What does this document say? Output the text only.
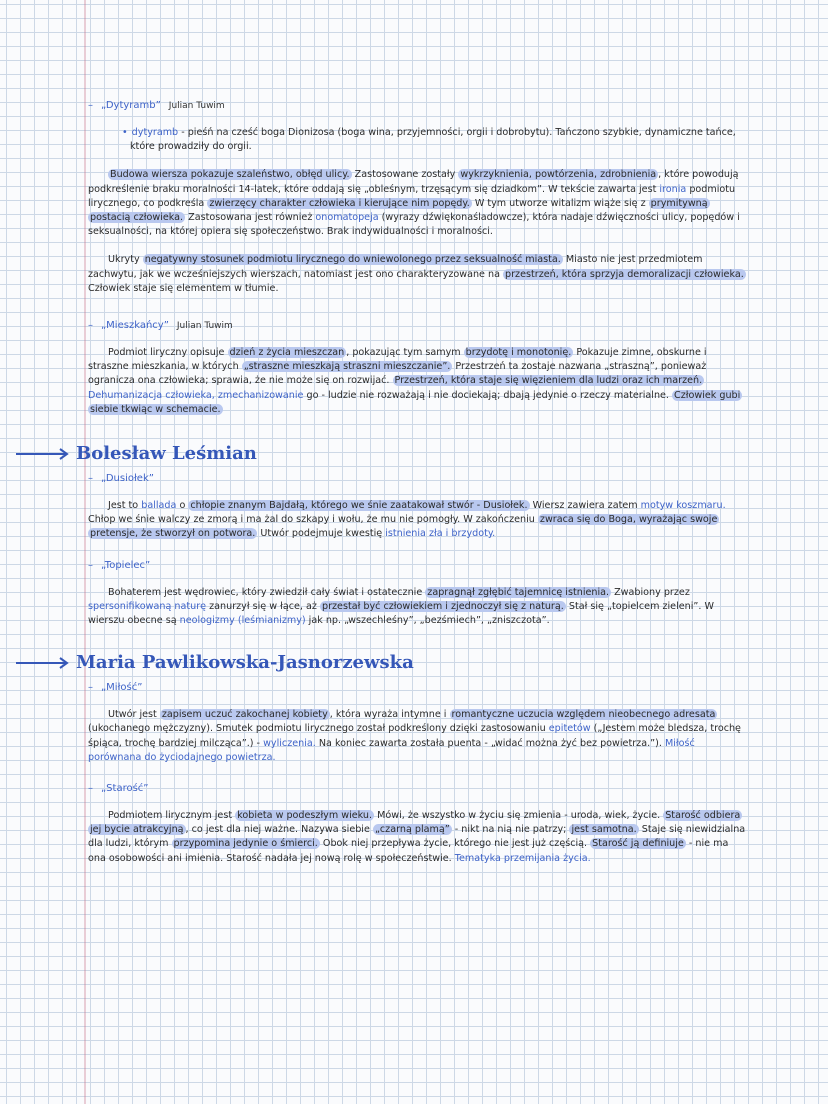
– „Dytyramb” Julian Tuwim

• dytyramb - pieśń na cześć boga Dionizosa (boga wina, przyjemności, orgii i dobrobytu). Tańczono szybkie, dynamiczne tańce, które prowadziły do orgii.

Budowa wiersza pokazuje szaleństwo, obłęd ulicy. Zastosowane zostały wykrzyknienia, powtórzenia, zdrobnienia , które powodują podkreślenie braku moralności 14-latek, które oddają się „obleśnym, trzęsącym się dziadkom”. W tekście zawarta jest ironia podmiotu lirycznego, co podkreśla zwierzęcy charakter człowieka i kierujące nim popędy. W tym utworze witalizm wiąże się z prymitywną postacią człowieka. Zastosowana jest również onomatopeja (wyrazy dźwiękonaśladowcze), która nadaje dźwięczności ulicy, popędów i seksualności, na której opiera się społeczeństwo. Brak indywidualności i moralności.

Ukryty negatywny stosunek podmiotu lirycznego do wniewolonego przez seksualność miasta. Miasto nie jest przedmiotem zachwytu, jak we wcześniejszych wierszach, natomiast jest ono charakteryzowane na przestrzeń, która sprzyja demoralizacji człowieka. Człowiek staje się elementem w tłumie.

– „Mieszkańcy” Julian Tuwim

Podmiot liryczny opisuje dzień z życia mieszczan , pokazując tym samym brzydotę i monotonię. Pokazuje zimne, obskurne i straszne mieszkania, w których „straszne mieszkają straszni mieszczanie”. Przestrzeń ta zostaje nazwana „straszną”, ponieważ ogranicza ona człowieka; sprawia, że nie może się on rozwijać. Przestrzeń, która staje się więzieniem dla ludzi oraz ich marzeń. Dehumanizacja człowieka, zmechanizowanie go - ludzie nie rozważają i nie dociekają; dbają jedynie o rzeczy materialne. Człowiek gubi siebie tkwiąc w schemacie.

Bolesław Leśmian
– „Dusiołek”

Jest to ballada o chłopie znanym Bajdałą, którego we śnie zaatakował stwór - Dusiołek. Wiersz zawiera zatem motyw koszmaru. Chłop we śnie walczy ze zmorą i ma żal do szkapy i wołu, że mu nie pomogły. W zakończeniu zwraca się do Boga, wyrażając swoje pretensje, że stworzył on potwora. Utwór podejmuje kwestię istnienia zła i brzydoty.

– „Topielec”

Bohaterem jest wędrowiec, który zwiedził cały świat i ostatecznie zapragnął zgłębić tajemnicę istnienia. Zwabiony przez spersonifikowaną naturę zanurzył się w łące, aż przestał być człowiekiem i zjednoczył się z naturą. Stał się „topielcem zieleni”. W wierszu obecne są neologizmy (leśmianizmy) jak np. „wszechleśny”, „bezśmiech”, „zniszczota”.

Maria Pawlikowska-Jasnorzewska
– „Miłość”

Utwór jest zapisem uczuć zakochanej kobiety , która wyraża intymne i romantyczne uczucia względem nieobecnego adresata (ukochanego mężczyzny). Smutek podmiotu lirycznego został podkreślony dzięki zastosowaniu epitetów („Jestem może bledsza, trochę śpiąca, trochę bardziej milcząca”.) - wyliczenia. Na koniec zawarta została puenta - „widać można żyć bez powietrza.”). Miłość porównana do życiodajnego powietrza.

– „Starość”

Podmiotem lirycznym jest kobieta w podeszłym wieku. Mówi, że wszystko w życiu się zmienia - uroda, wiek, życie. Starość odbiera jej bycie atrakcyjną , co jest dla niej ważne. Nazywa siebie „czarną plamą” - nikt na nią nie patrzy; jest samotna. Staje się niewidzialna dla ludzi, którym przypomina jedynie o śmierci. Obok niej przepływa życie, którego nie jest już częścią. Starość ją definiuje - nie ma ona osobowości ani imienia. Starość nadała jej nową rolę w społeczeństwie. Tematyka przemijania życia.
